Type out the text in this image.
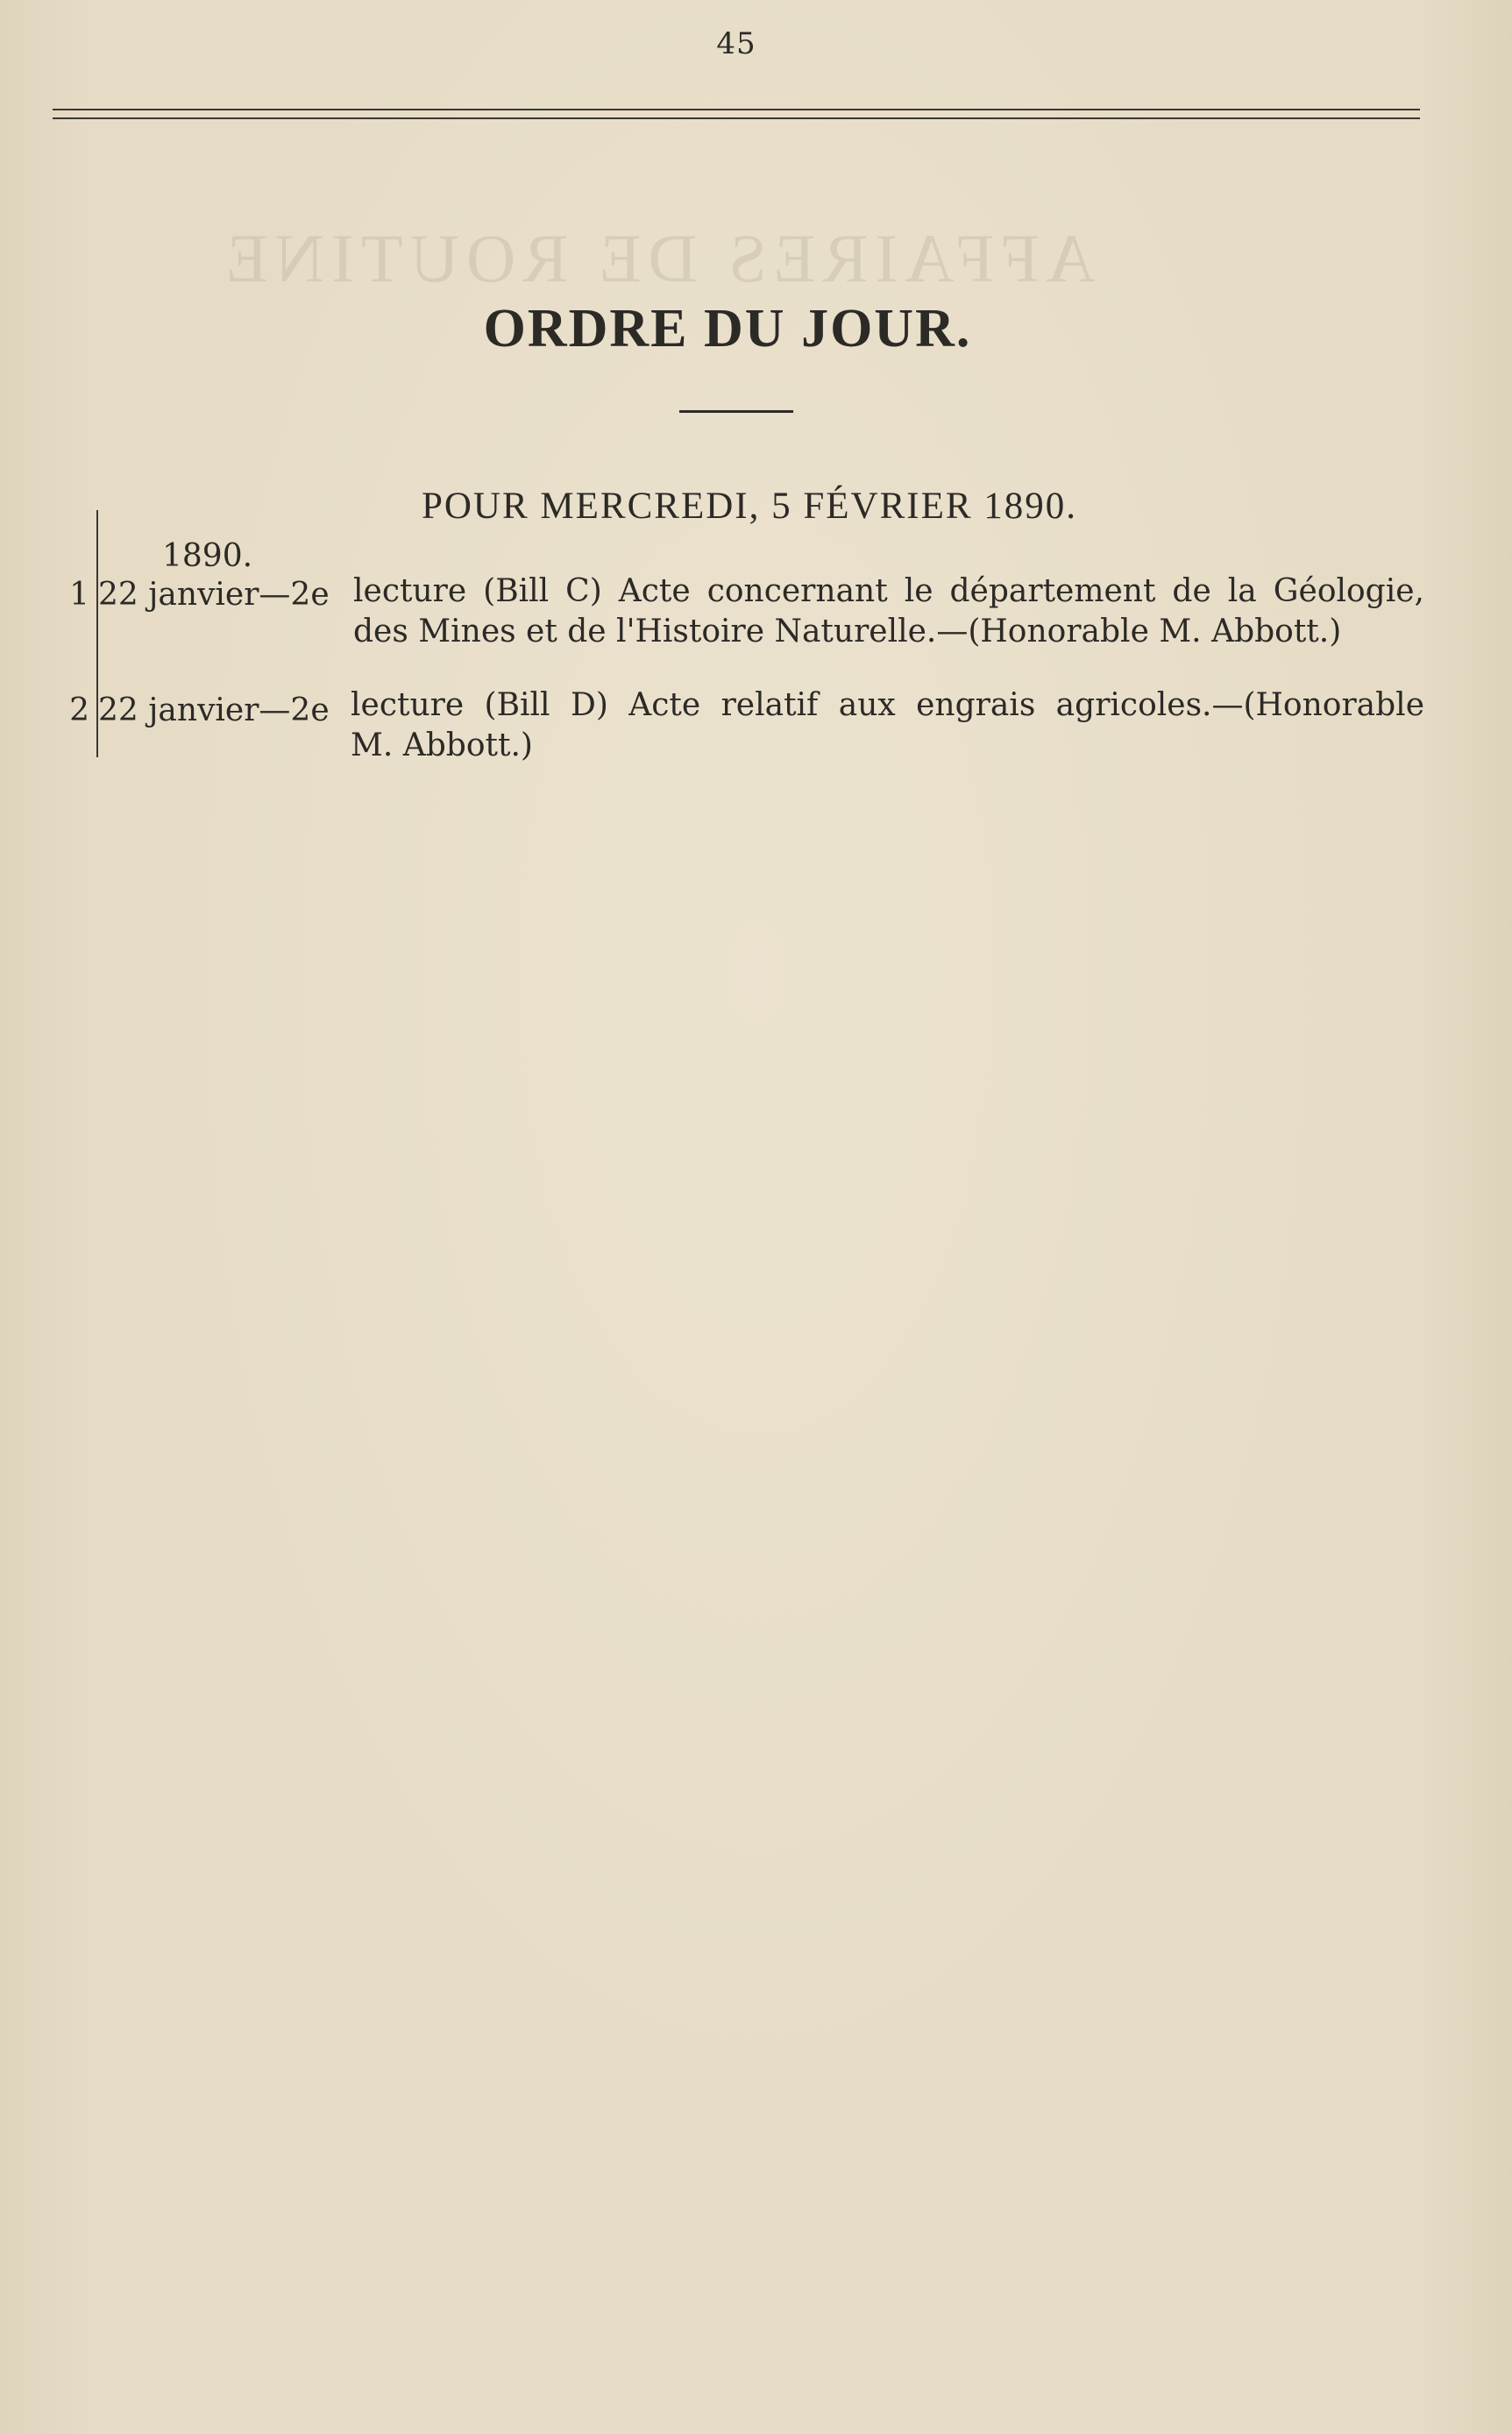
45
ORDRE DU JOUR.
POUR MERCREDI, 5 FÉVRIER 1890.
1890.
1 22 janvier—2e lecture (Bill C) Acte concernant le département de la Géologie,
des Mines et de l'Histoire Naturelle.—(Honorable M. Abbott.)
2 22 janvier—2e lecture (Bill D) Acte relatif aux engrais agricoles.—(Honorable
M. Abbott.)
